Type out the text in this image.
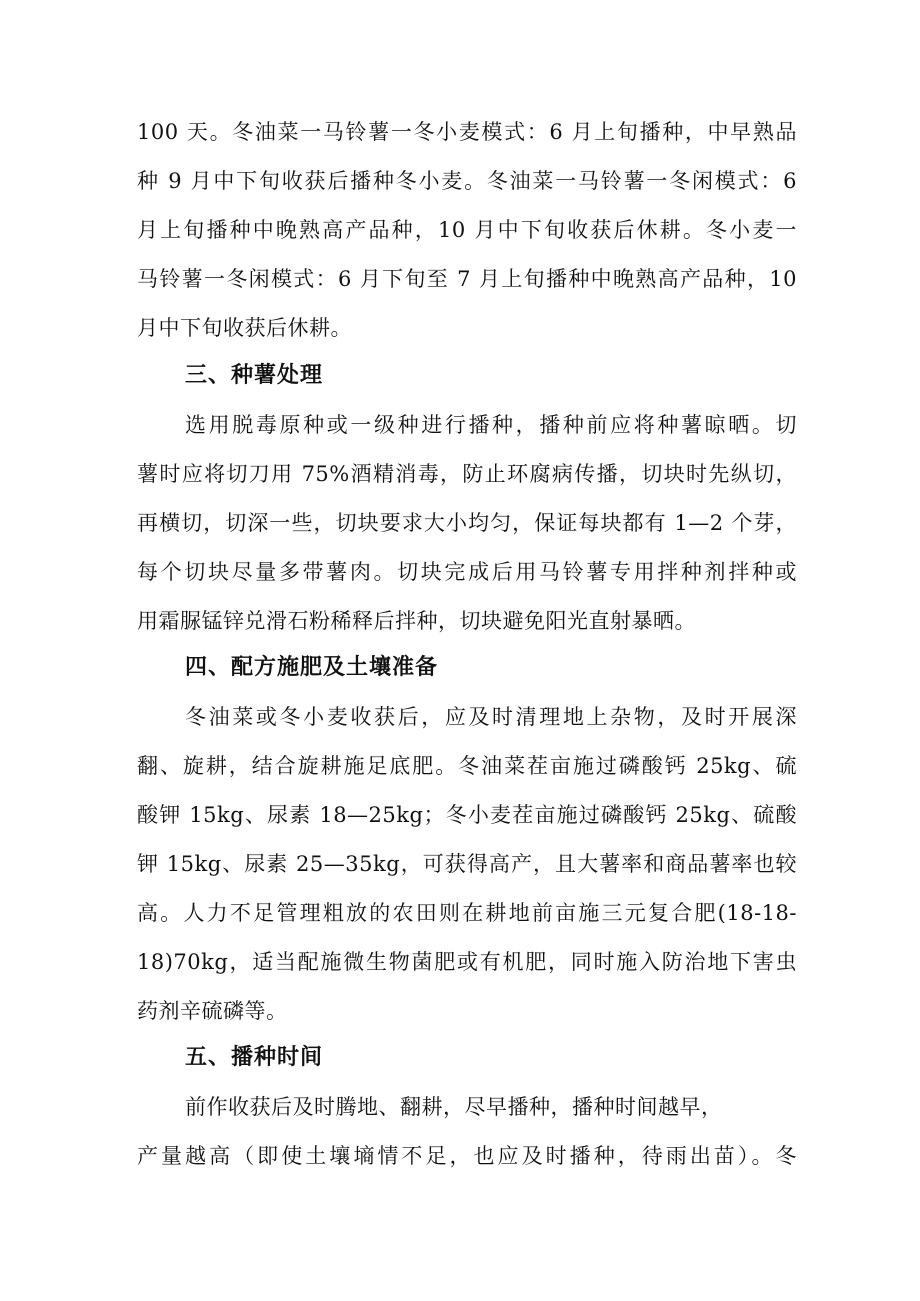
100 天。冬油菜一马铃薯一冬小麦模式：6 月上旬播种，中早熟品
种 9 月中下旬收获后播种冬小麦。冬油菜一马铃薯一冬闲模式：6
月上旬播种中晚熟高产品种，10 月中下旬收获后休耕。冬小麦一
马铃薯一冬闲模式：6 月下旬至 7 月上旬播种中晚熟高产品种，10
月中下旬收获后休耕。
三、种薯处理
选用脱毒原种或一级种进行播种，播种前应将种薯晾晒。切
薯时应将切刀用 75%酒精消毒，防止环腐病传播，切块时先纵切，
再横切，切深一些，切块要求大小均匀，保证每块都有 1—2 个芽，
每个切块尽量多带薯肉。切块完成后用马铃薯专用拌种剂拌种或
用霜脲锰锌兑滑石粉稀释后拌种，切块避免阳光直射暴晒。
四、配方施肥及土壤准备
冬油菜或冬小麦收获后，应及时清理地上杂物，及时开展深
翻、旋耕，结合旋耕施足底肥。冬油菜茬亩施过磷酸钙 25kg、硫
酸钾 15kg、尿素 18—25kg；冬小麦茬亩施过磷酸钙 25kg、硫酸
钾 15kg、尿素 25—35kg，可获得高产，且大薯率和商品薯率也较
高。人力不足管理粗放的农田则在耕地前亩施三元复合肥(18-18-
18)70kg，适当配施微生物菌肥或有机肥，同时施入防治地下害虫
药剂辛硫磷等。
五、播种时间
前作收获后及时腾地、翻耕，尽早播种，播种时间越早，
产量越高（即使土壤墒情不足，也应及时播种，待雨出苗）。冬
